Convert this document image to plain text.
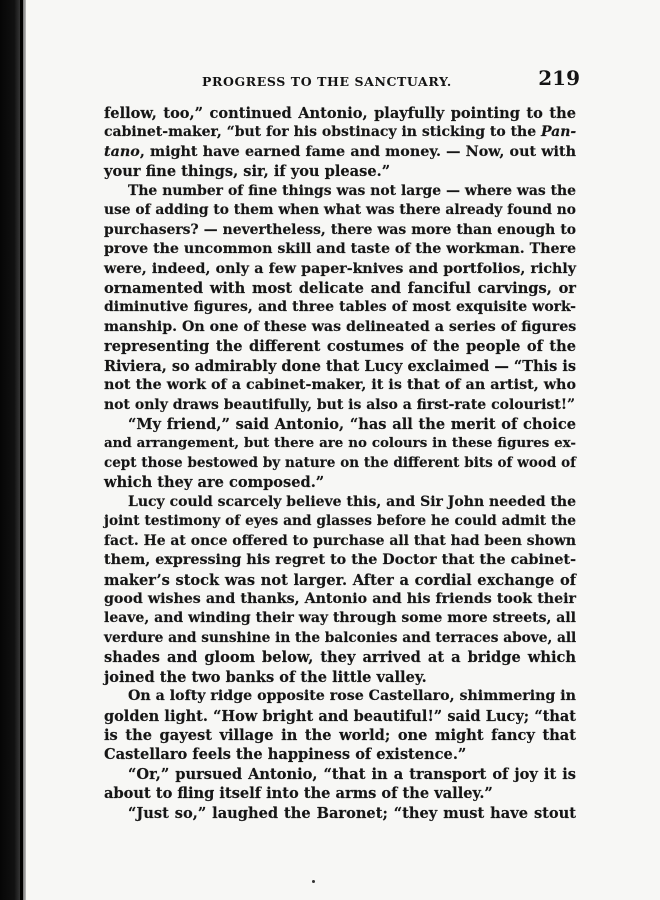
PROGRESS TO THE SANCTUARY.	219
fellow, too,” continued Antonio, playfully pointing to the
cabinet-maker, “but for his obstinacy in sticking to the Pan-
tano, might have earned fame and money. — Now, out with
your fine things, sir, if you please.”
The number of fine things was not large — where was the
use of adding to them when what was there already found no
purchasers? — nevertheless, there was more than enough to
prove the uncommon skill and taste of the workman. There
were, indeed, only a few paper-knives and portfolios, richly
ornamented with most delicate and fanciful carvings, or
diminutive figures, and three tables of most exquisite work-
manship. On one of these was delineated a series of figures
representing the different costumes of the people of the
Riviera, so admirably done that Lucy exclaimed — “This is
not the work of a cabinet-maker, it is that of an artist, who
not only draws beautifully, but is also a first-rate colourist!”
“My friend,” said Antonio, “has all the merit of choice
and arrangement, but there are no colours in these figures ex-
cept those bestowed by nature on the different bits of wood of
which they are composed.”
Lucy could scarcely believe this, and Sir John needed the
joint testimony of eyes and glasses before he could admit the
fact. He at once offered to purchase all that had been shown
them, expressing his regret to the Doctor that the cabinet-
maker’s stock was not larger. After a cordial exchange of
good wishes and thanks, Antonio and his friends took their
leave, and winding their way through some more streets, all
verdure and sunshine in the balconies and terraces above, all
shades and gloom below, they arrived at a bridge which
joined the two banks of the little valley.
On a lofty ridge opposite rose Castellaro, shimmering in
golden light. “How bright and beautiful!” said Lucy; “that
is the gayest village in the world; one might fancy that
Castellaro feels the happiness of existence.”
“Or,” pursued Antonio, “that in a transport of joy it is
about to fling itself into the arms of the valley.”
“Just so,” laughed the Baronet; “they must have stout
